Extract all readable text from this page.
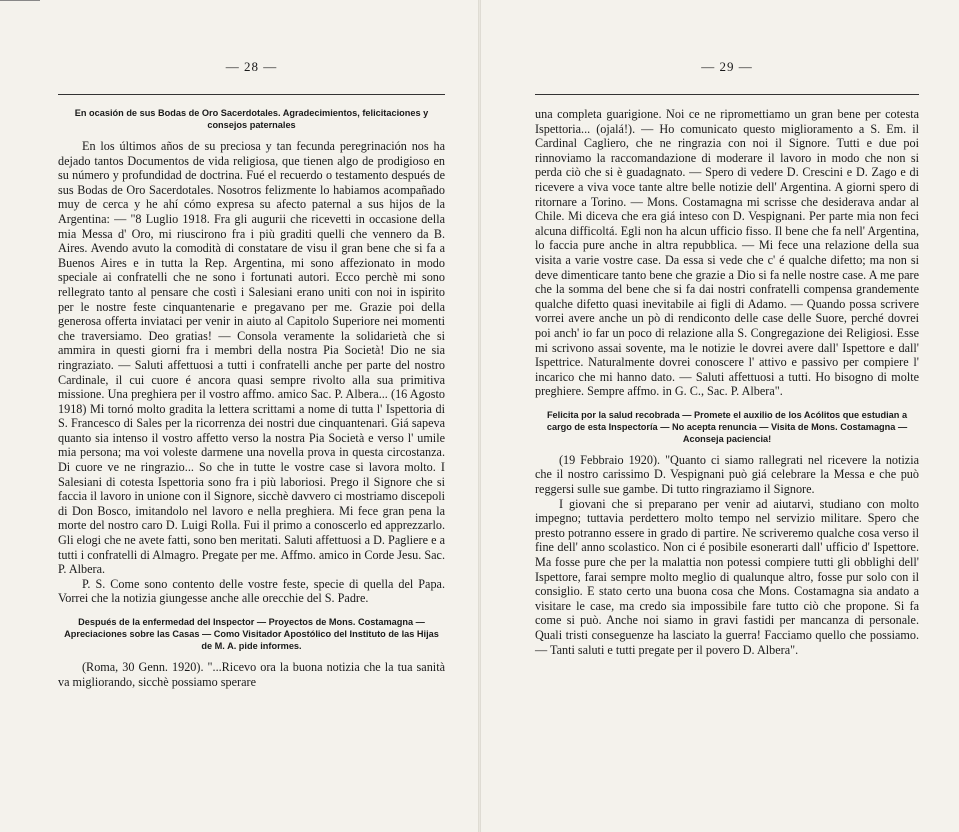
— 28 —
En ocasión de sus Bodas de Oro Sacerdotales. Agradecimientos, felicitaciones y consejos paternales

En los últimos años de su preciosa y tan fecunda peregrinación nos ha dejado tantos Documentos de vida religiosa, que tienen algo de prodigioso en su número y profundidad de doctrina. Fué el recuerdo o testamento después de sus Bodas de Oro Sacerdotales. Nosotros felizmente lo habiamos acompañado muy de cerca y he ahí cómo expresa su afecto paternal a sus hijos de la Argentina: — "8 Luglio 1918. Fra gli augurii che ricevetti in occasione della mia Messa d' Oro, mi riuscirono fra i più graditi quelli che vennero da B. Aires. Avendo avuto la comodità di constatare de visu il gran bene che si fa a Buenos Aires e in tutta la Rep. Argentina, mi sono affezionato in modo speciale ai confratelli che ne sono i fortunati autori. Ecco perchè mi sono rellegrato tanto al pensare che costì i Salesiani erano uniti con noi in ispirito per le nostre feste cinquantenarie e pregavano per me. Grazie poi della generosa offerta inviataci per venir in aiuto al Capitolo Superiore nei momenti che traversiamo. Deo gratias! — Consola veramente la solidarietà che si ammira in questi giorni fra i membri della nostra Pia Società! Dio ne sia ringraziato. — Saluti affettuosi a tutti i confratelli anche per parte del nostro Cardinale, il cui cuore é ancora quasi sempre rivolto alla sua primitiva missione. Una preghiera per il vostro affmo. amico Sac. P. Albera... (16 Agosto 1918) Mi tornó molto gradita la lettera scrittami a nome di tutta l' Ispettoria di S. Francesco di Sales per la ricorrenza dei nostri due cinquantenari. Giá sapeva quanto sia intenso il vostro affetto verso la nostra Pia Società e verso l' umile mia persona; ma voi voleste darmene una novella prova in questa circostanza. Di cuore ve ne ringrazio... So che in tutte le vostre case si lavora molto. I Salesiani di cotesta Ispettoria sono fra i più laboriosi. Prego il Signore che si faccia il lavoro in unione con il Signore, sicchè davvero ci mostriamo discepoli di Don Bosco, imitandolo nel lavoro e nella preghiera. Mi fece gran pena la morte del nostro caro D. Luigi Rolla. Fui il primo a conoscerlo ed apprezzarlo. Gli elogi che ne avete fatti, sono ben meritati. Saluti affettuosi a D. Pagliere e a tutti i confratelli di Almagro. Pregate per me. Affmo. amico in Corde Jesu. Sac. P. Albera.

P. S. Come sono contento delle vostre feste, specie di quella del Papa. Vorrei che la notizia giungesse anche alle orecchie del S. Padre.

Después de la enfermedad del Inspector — Proyectos de Mons. Costamagna — Apreciaciones sobre las Casas — Como Visitador Apostólico del Instituto de las Hijas de M. A. pide informes.

(Roma, 30 Genn. 1920). "...Ricevo ora la buona notizia che la tua sanità va migliorando, sicchè possiamo sperare

— 29 —

una completa guarigione. Noi ce ne ripromettiamo un gran bene per cotesta Ispettoria... (ojalá!). — Ho comunicato questo miglioramento a S. Em. il Cardinal Cagliero, che ne ringrazia con noi il Signore. Tutti e due poi rinnoviamo la raccomandazione di moderare il lavoro in modo che non si perda ciò che si è guadagnato. — Spero di vedere D. Crescini e D. Zago e di ricevere a viva voce tante altre belle notizie dell' Argentina. A giorni spero di ritornare a Torino. — Mons. Costamagna mi scrisse che desiderava andar al Chile. Mi diceva che era giá inteso con D. Vespignani. Per parte mia non feci alcuna difficoltá. Egli non ha alcun ufficio fisso. Il bene che fa nell' Argentina, lo faccia pure anche in altra repubblica. — Mi fece una relazione della sua visita a varie vostre case. Da essa si vede che c' é qualche difetto; ma non si deve dimenticare tanto bene che grazie a Dio si fa nelle nostre case. A me pare che la somma del bene che si fa dai nostri confratelli compensa grandemente qualche difetto quasi inevitabile ai figli di Adamo. — Quando possa scrivere vorrei avere anche un pò di rendiconto delle case delle Suore, perché dovrei poi anch' io far un poco di relazione alla S. Congregazione dei Religiosi. Esse mi scrivono assai sovente, ma le notizie le dovrei avere dall' Ispettore e dall' Ispettrice. Naturalmente dovrei conoscere l' attivo e passivo per compiere l' incarico che mi hanno dato. — Saluti affettuosi a tutti. Ho bisogno di molte preghiere. Sempre affmo. in G. C., Sac. P. Albera".

Felicita por la salud recobrada — Promete el auxilio de los Acólitos que estudian a cargo de esta Inspectoría — No acepta renuncia — Visita de Mons. Costamagna — Aconseja paciencia!

(19 Febbraio 1920). "Quanto ci siamo rallegrati nel ricevere la notizia che il nostro carissimo D. Vespignani può giá celebrare la Messa e che può reggersi sulle sue gambe. Di tutto ringraziamo il Signore.

I giovani che si preparano per venir ad aiutarvi, studiano con molto impegno; tuttavia perdettero molto tempo nel servizio militare. Spero che presto potranno essere in grado di partire. Ne scriveremo qualche cosa verso il fine dell' anno scolastico. Non ci é posibile esonerarti dall' ufficio d' Ispettore. Ma fosse pure che per la malattia non potessi compiere tutti gli obblighi dell' Ispettore, farai sempre molto meglio di qualunque altro, fosse pur solo con il consiglio. E stato certo una buona cosa che Mons. Costamagna sia andato a visitare le case, ma credo sia impossibile fare tutto ciò che propone. Si fa come si può. Anche noi siamo in gravi fastidi per mancanza di personale. Quali tristi conseguenze ha lasciato la guerra! Facciamo quello che possiamo. — Tanti saluti e tutti pregate per il povero D. Albera".
